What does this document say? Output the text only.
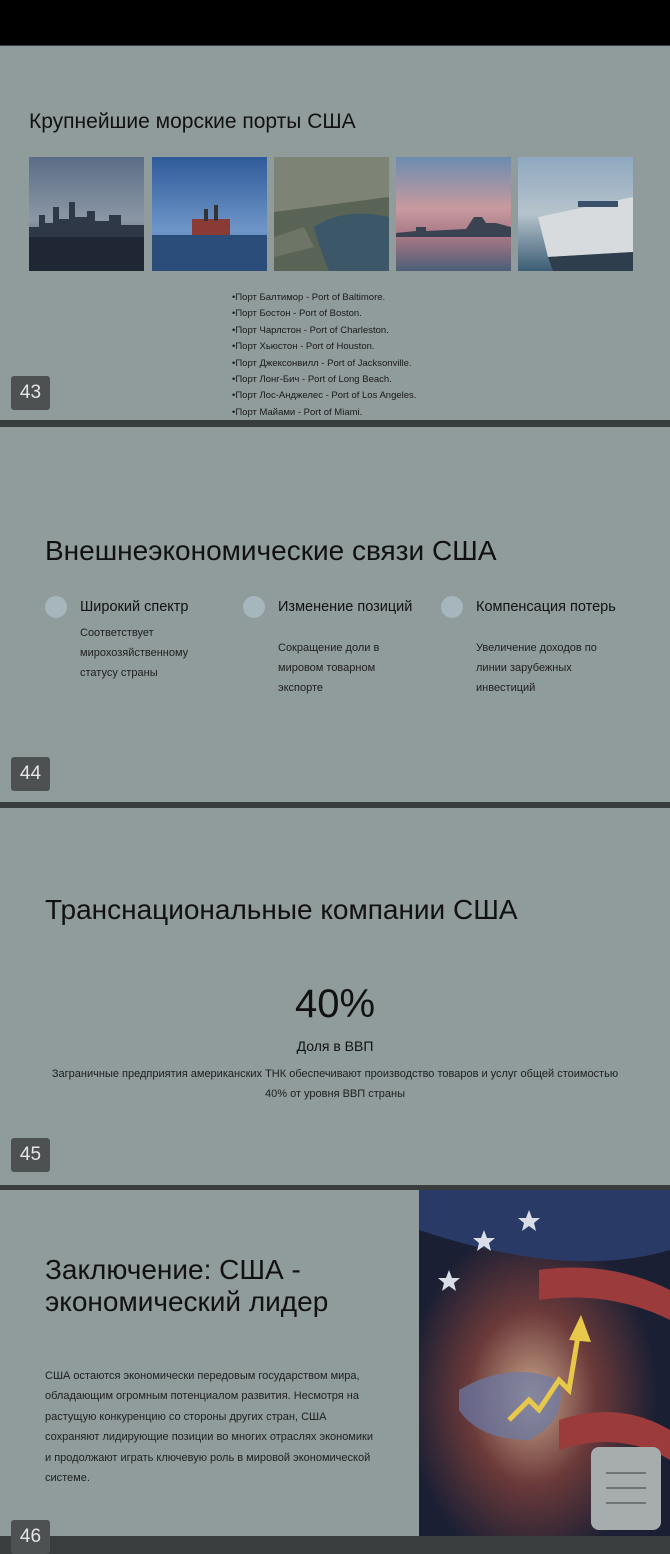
Крупнейшие морские порты США
•Порт Балтимор - Port of Baltimore.
•Порт Бостон - Port of Boston.
•Порт Чарлстон - Port of Charleston.
•Порт Хьюстон - Port of Houston.
•Порт Джексонвилл - Port of Jacksonville.
•Порт Лонг-Бич - Port of Long Beach.
•Порт Лос-Анджелес - Port of Los Angeles.
•Порт Майами - Port of Miami.
43
Внешнеэкономические связи США
Широкий спектр
Соответствует
мирохозяйственному
статусу страны
Изменение позиций
Сокращение доли в
мировом товарном
экспорте
Компенсация потерь
Увеличение доходов по
линии зарубежных
инвестиций
44
Транснациональные компании США
40%
Доля в ВВП
Заграничные предприятия американских ТНК обеспечивают производство товаров и услуг общей стоимостью 40% от уровня ВВП страны
45
Заключение: США - экономический лидер
США остаются экономически передовым государством мира, обладающим огромным потенциалом развития. Несмотря на растущую конкуренцию со стороны других стран, США сохраняют лидирующие позиции во многих отраслях экономики и продолжают играть ключевую роль в мировой экономической системе.
46
